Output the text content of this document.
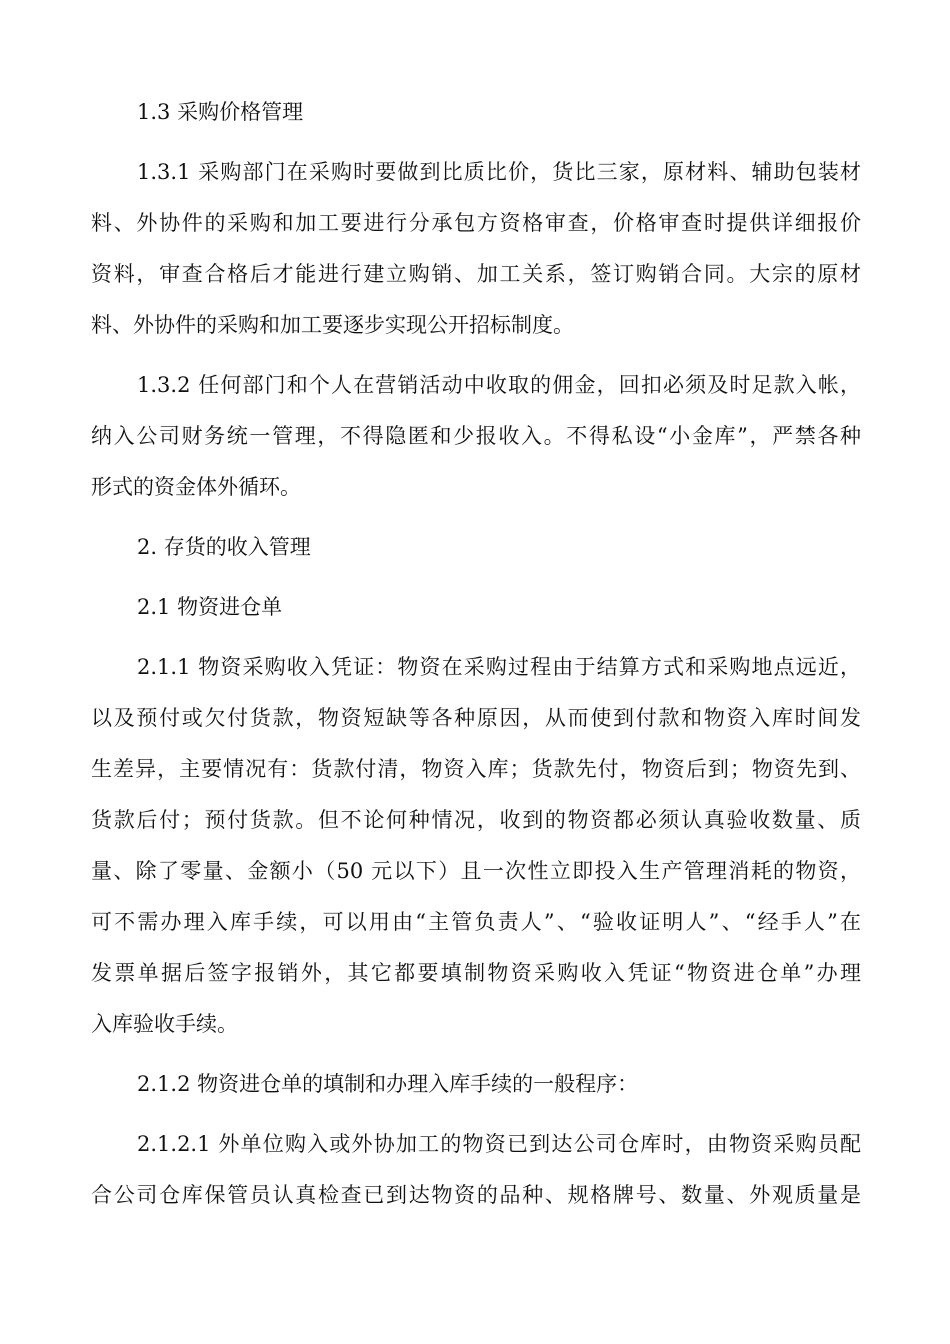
1.3 采购价格管理
1.3.1 采购部门在采购时要做到比质比价，货比三家，原材料、辅助包装材
料、外协件的采购和加工要进行分承包方资格审查，价格审查时提供详细报价
资料，审查合格后才能进行建立购销、加工关系，签订购销合同。大宗的原材
料、外协件的采购和加工要逐步实现公开招标制度。
1.3.2 任何部门和个人在营销活动中收取的佣金，回扣必须及时足款入帐，
纳入公司财务统一管理，不得隐匿和少报收入。不得私设“小金库”，严禁各种
形式的资金体外循环。
2. 存货的收入管理
2.1 物资进仓单
2.1.1 物资采购收入凭证：物资在采购过程由于结算方式和采购地点远近，
以及预付或欠付货款，物资短缺等各种原因，从而使到付款和物资入库时间发
生差异，主要情况有：货款付清，物资入库；货款先付，物资后到；物资先到、
货款后付；预付货款。但不论何种情况，收到的物资都必须认真验收数量、质
量、除了零量、金额小（50 元以下）且一次性立即投入生产管理消耗的物资，
可不需办理入库手续，可以用由“主管负责人”、“验收证明人”、“经手人”在
发票单据后签字报销外，其它都要填制物资采购收入凭证“物资进仓单”办理
入库验收手续。
2.1.2 物资进仓单的填制和办理入库手续的一般程序：
2.1.2.1 外单位购入或外协加工的物资已到达公司仓库时，由物资采购员配
合公司仓库保管员认真检查已到达物资的品种、规格牌号、数量、外观质量是
